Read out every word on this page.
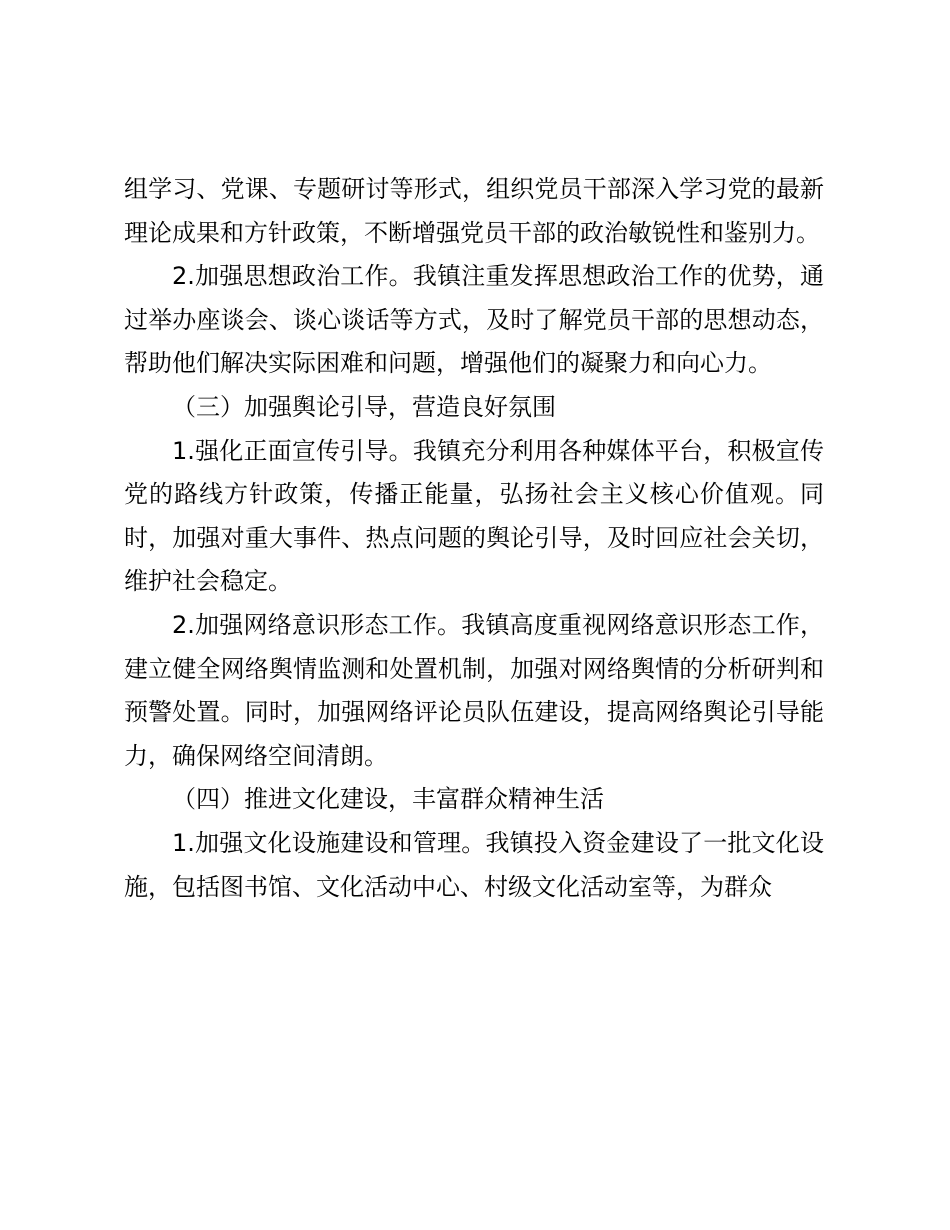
组学习、党课、专题研讨等形式，组织党员干部深入学习党的最新理论成果和方针政策，不断增强党员干部的政治敏锐性和鉴别力。

2.加强思想政治工作。我镇注重发挥思想政治工作的优势，通过举办座谈会、谈心谈话等方式，及时了解党员干部的思想动态，帮助他们解决实际困难和问题，增强他们的凝聚力和向心力。

（三）加强舆论引导，营造良好氛围

1.强化正面宣传引导。我镇充分利用各种媒体平台，积极宣传党的路线方针政策，传播正能量，弘扬社会主义核心价值观。同时，加强对重大事件、热点问题的舆论引导，及时回应社会关切，维护社会稳定。

2.加强网络意识形态工作。我镇高度重视网络意识形态工作，建立健全网络舆情监测和处置机制，加强对网络舆情的分析研判和预警处置。同时，加强网络评论员队伍建设，提高网络舆论引导能力，确保网络空间清朗。

（四）推进文化建设，丰富群众精神生活

1.加强文化设施建设和管理。我镇投入资金建设了一批文化设施，包括图书馆、文化活动中心、村级文化活动室等，为群众
